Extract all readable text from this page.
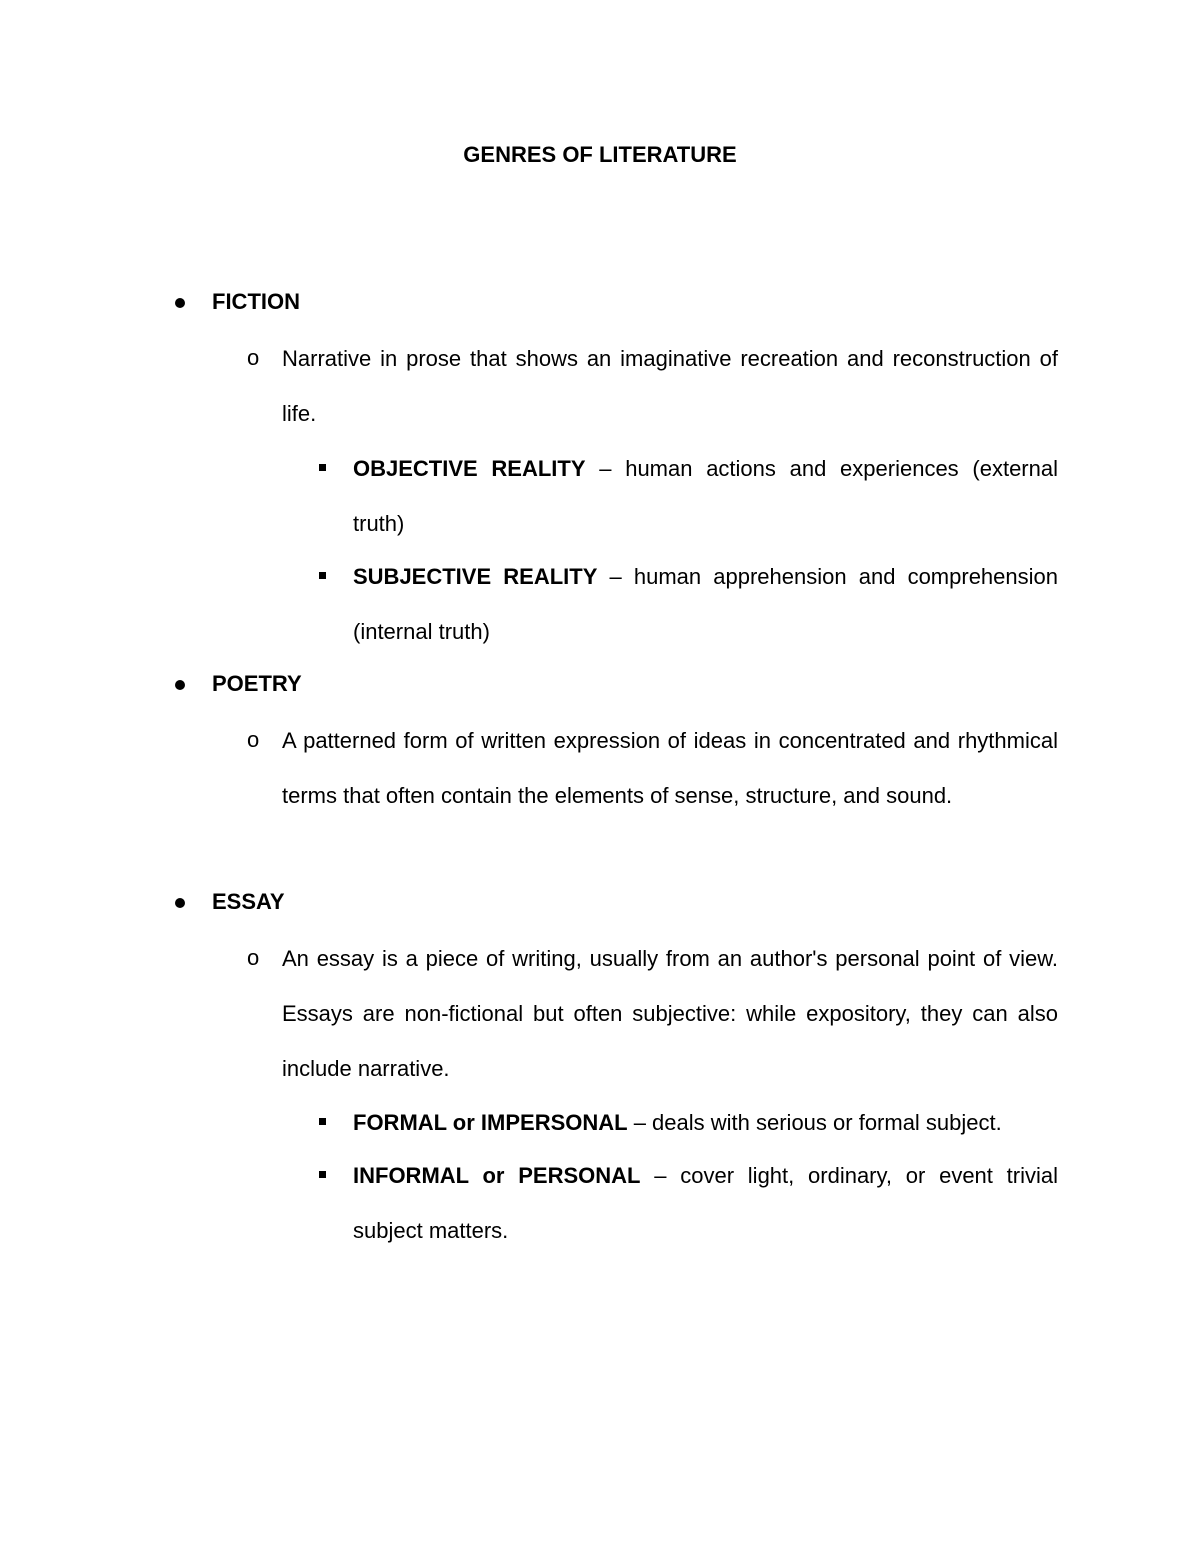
GENRES OF LITERATURE
FICTION
o Narrative in prose that shows an imaginative recreation and reconstruction of life.

OBJECTIVE REALITY – human actions and experiences (external truth)

SUBJECTIVE REALITY – human apprehension and comprehension (internal truth)

POETRY
o A patterned form of written expression of ideas in concentrated and rhythmical terms that often contain the elements of sense, structure, and sound.

ESSAY
o An essay is a piece of writing, usually from an author's personal point of view. Essays are non-fictional but often subjective: while expository, they can also include narrative.

FORMAL or IMPERSONAL – deals with serious or formal subject.

INFORMAL or PERSONAL – cover light, ordinary, or event trivial subject matters.
